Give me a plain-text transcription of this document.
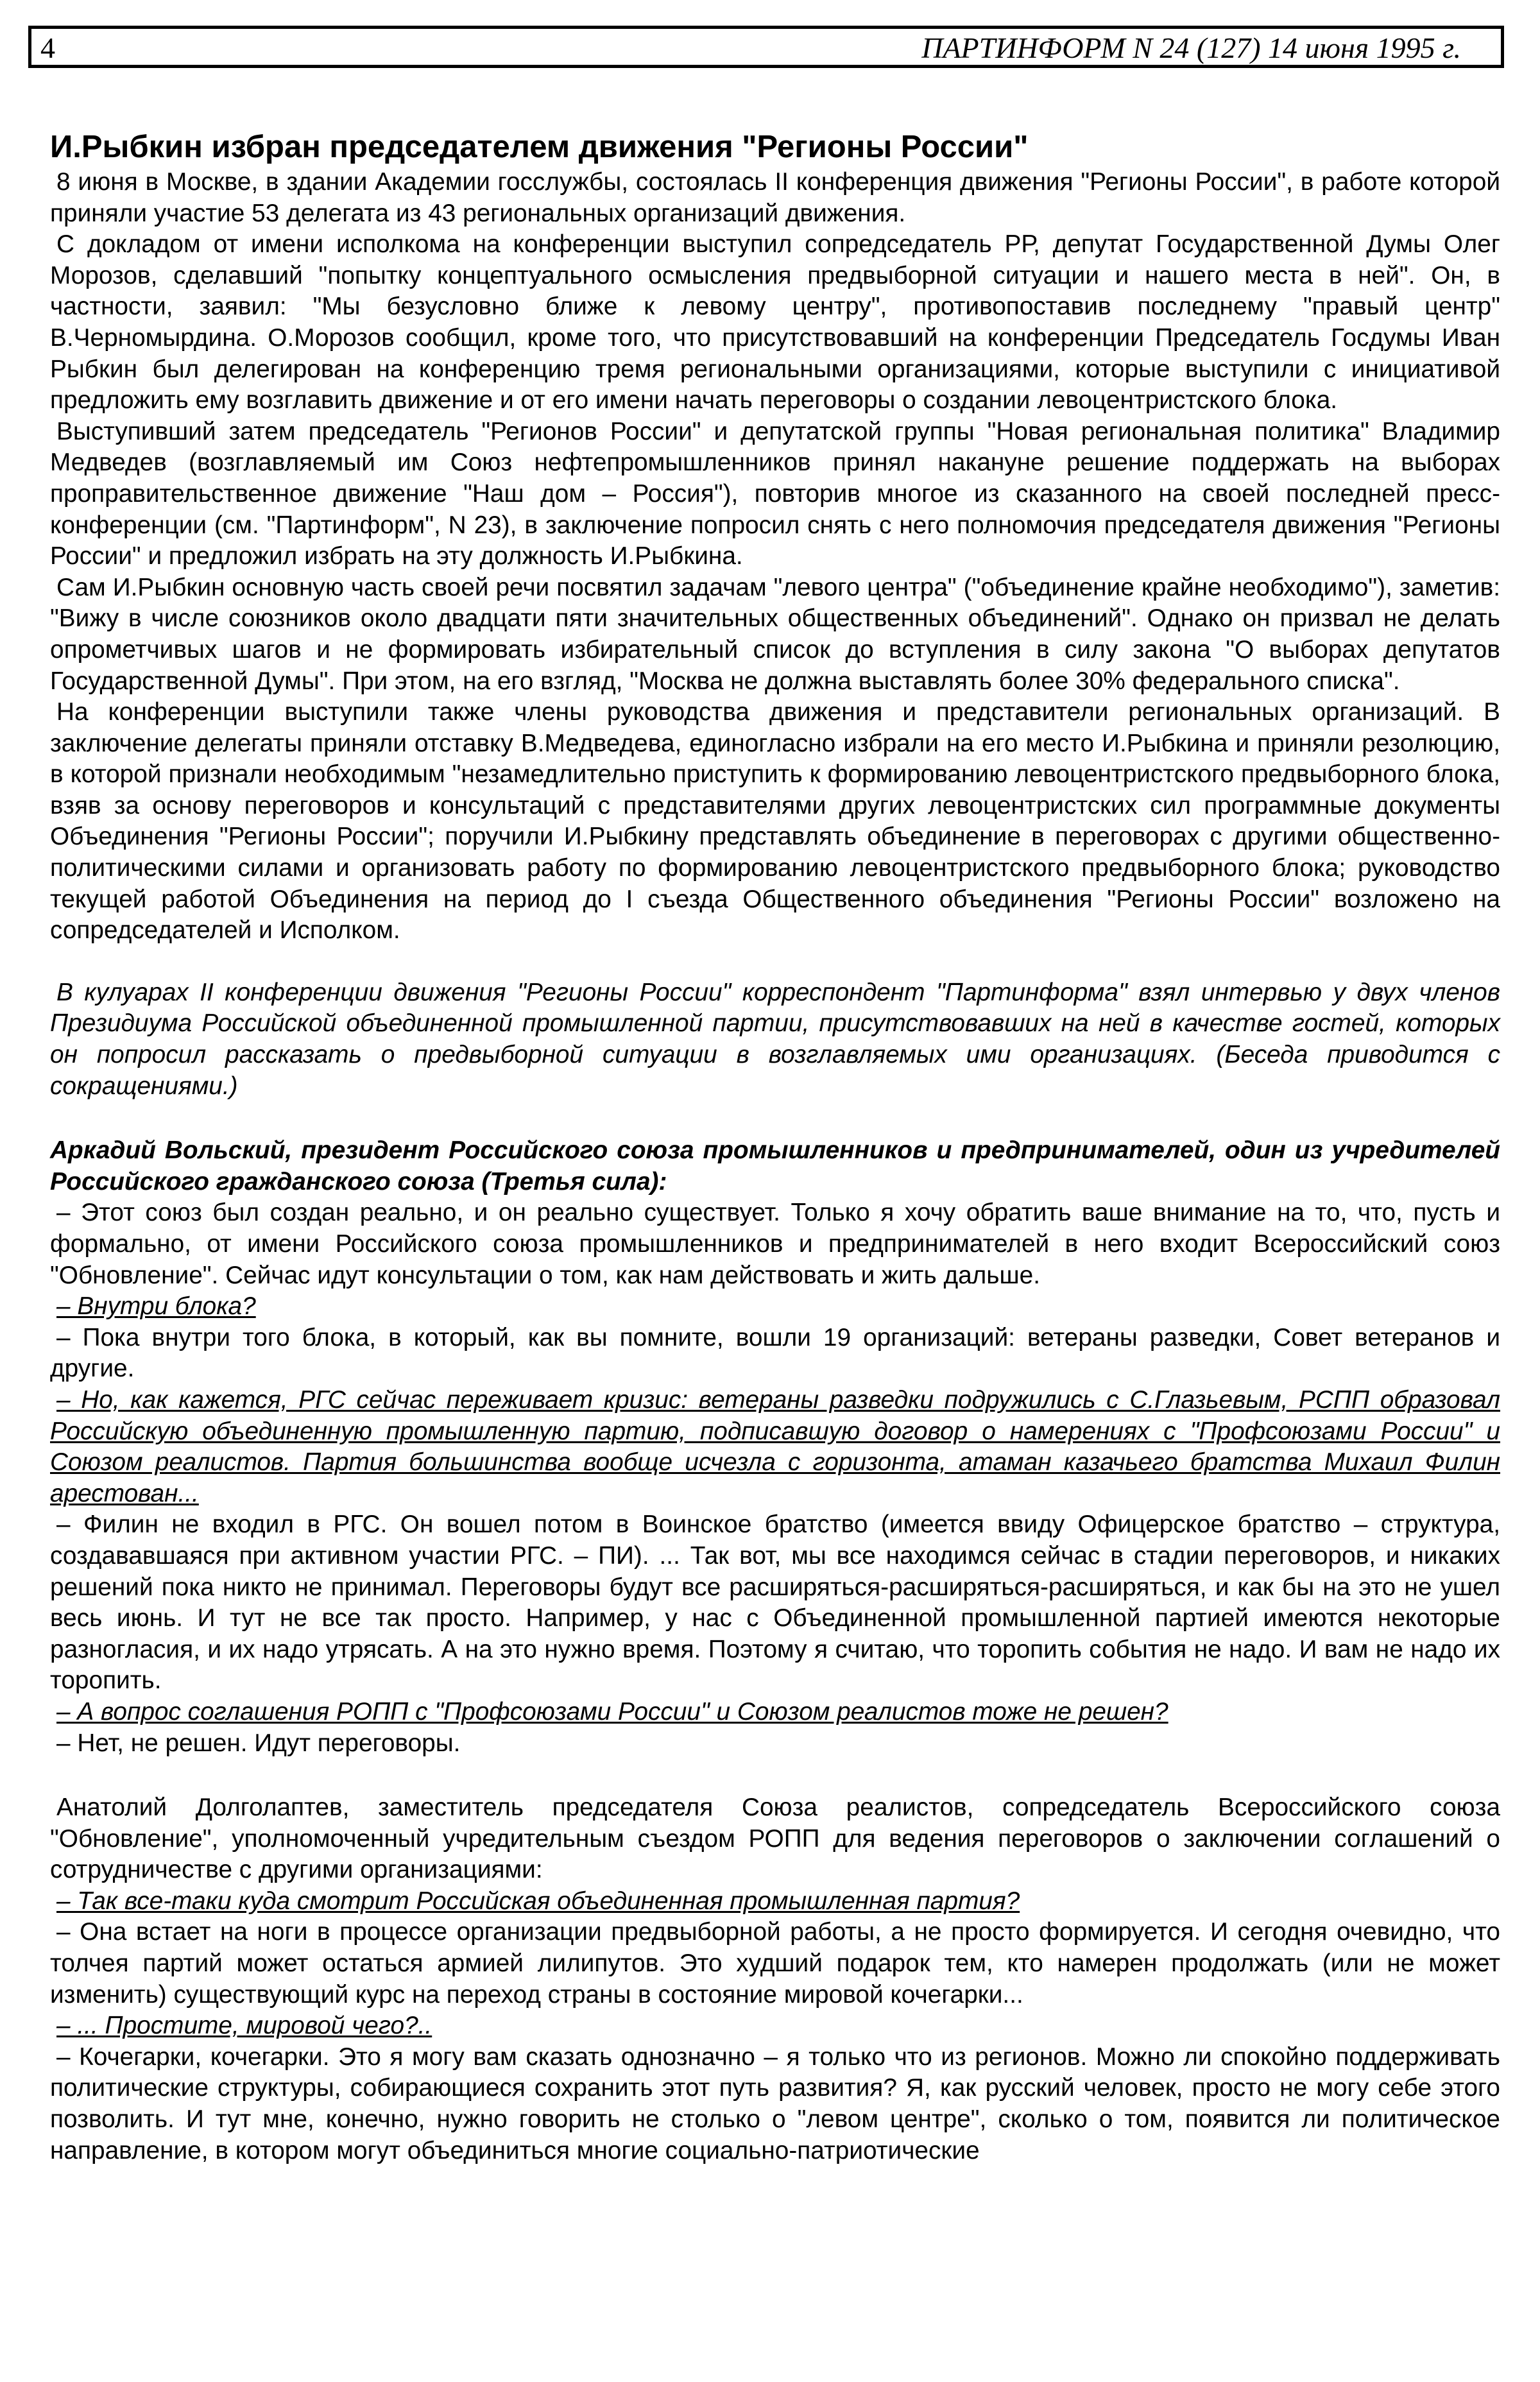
4	ПАРТИНФОРМ N 24 (127) 14 июня 1995 г.
И.Рыбкин избран председателем движения "Регионы России"

8 июня в Москве, в здании Академии госслужбы, состоялась II конференция движения "Регионы России", в работе которой приняли участие 53 делегата из 43 региональных организаций движения.

С докладом от имени исполкома на конференции выступил сопредседатель РР, депутат Государственной Думы Олег Морозов, сделавший "попытку концептуального осмысления предвыборной ситуации и нашего места в ней". Он, в частности, заявил: "Мы безусловно ближе к левому центру", противопоставив последнему "правый центр" В.Черномырдина. О.Морозов сообщил, кроме того, что присутствовавший на конференции Председатель Госдумы Иван Рыбкин был делегирован на конференцию тремя региональными организациями, которые выступили с инициативой предложить ему возглавить движение и от его имени начать переговоры о создании левоцентристского блока.

Выступивший затем председатель "Регионов России" и депутатской группы "Новая региональная политика" Владимир Медведев (возглавляемый им Союз нефтепромышленников принял накануне решение поддержать на выборах проправительственное движение "Наш дом – Россия"), повторив многое из сказанного на своей последней пресс-конференции (см. "Партинформ", N 23), в заключение попросил снять с него полномочия председателя движения "Регионы России" и предложил избрать на эту должность И.Рыбкина.

Сам И.Рыбкин основную часть своей речи посвятил задачам "левого центра" ("объединение крайне необходимо"), заметив: "Вижу в числе союзников около двадцати пяти значительных общественных объединений". Однако он призвал не делать опрометчивых шагов и не формировать избирательный список до вступления в силу закона "О выборах депутатов Государственной Думы". При этом, на его взгляд, "Москва не должна выставлять более 30% федерального списка".

На конференции выступили также члены руководства движения и представители региональных организаций. В заключение делегаты приняли отставку В.Медведева, единогласно избрали на его место И.Рыбкина и приняли резолюцию, в которой признали необходимым "незамедлительно приступить к формированию левоцентристского предвыборного блока, взяв за основу переговоров и консультаций с представителями других левоцентристских сил программные документы Объединения "Регионы России"; поручили И.Рыбкину представлять объединение в переговорах с другими общественно-политическими силами и организовать работу по формированию левоцентристского предвыборного блока; руководство текущей работой Объединения на период до I съезда Общественного объединения "Регионы России" возложено на сопредседателей и Исполком.

В кулуарах II конференции движения "Регионы России" корреспондент "Партинформа" взял интервью у двух членов Президиума Российской объединенной промышленной партии, присутствовавших на ней в качестве гостей, которых он попросил рассказать о предвыборной ситуации в возглавляемых ими организациях. (Беседа приводится с сокращениями.)

Аркадий Вольский, президент Российского союза промышленников и предпринимателей, один из учредителей Российского гражданского союза (Третья сила):

– Этот союз был создан реально, и он реально существует. Только я хочу обратить ваше внимание на то, что, пусть и формально, от имени Российского союза промышленников и предпринимателей в него входит Всероссийский союз "Обновление". Сейчас идут консультации о том, как нам действовать и жить дальше.

– Внутри блока?

– Пока внутри того блока, в который, как вы помните, вошли 19 организаций: ветераны разведки, Совет ветеранов и другие.

– Но, как кажется, РГС сейчас переживает кризис: ветераны разведки подружились с С.Глазьевым, РСПП образовал Российскую объединенную промышленную партию, подписавшую договор о намерениях с "Профсоюзами России" и Союзом реалистов. Партия большинства вообще исчезла с горизонта, атаман казачьего братства Михаил Филин арестован...

– Филин не входил в РГС. Он вошел потом в Воинское братство (имеется ввиду Офицерское братство – структура, создававшаяся при активном участии РГС. – ПИ). ... Так вот, мы все находимся сейчас в стадии переговоров, и никаких решений пока никто не принимал. Переговоры будут все расширяться-расширяться-расширяться, и как бы на это не ушел весь июнь. И тут не все так просто. Например, у нас с Объединенной промышленной партией имеются некоторые разногласия, и их надо утрясать. А на это нужно время. Поэтому я считаю, что торопить события не надо. И вам не надо их торопить.

– А вопрос соглашения РОПП с "Профсоюзами России" и Союзом реалистов тоже не решен?

– Нет, не решен. Идут переговоры.

Анатолий Долголаптев, заместитель председателя Союза реалистов, сопредседатель Всероссийского союза "Обновление", уполномоченный учредительным съездом РОПП для ведения переговоров о заключении соглашений о сотрудничестве с другими организациями:

– Так все-таки куда смотрит Российская объединенная промышленная партия?

– Она встает на ноги в процессе организации предвыборной работы, а не просто формируется. И сегодня очевидно, что толчея партий может остаться армией лилипутов. Это худший подарок тем, кто намерен продолжать (или не может изменить) существующий курс на переход страны в состояние мировой кочегарки...

– ... Простите, мировой чего?..

– Кочегарки, кочегарки. Это я могу вам сказать однозначно – я только что из регионов. Можно ли спокойно поддерживать политические структуры, собирающиеся сохранить этот путь развития? Я, как русский человек, просто не могу себе этого позволить. И тут мне, конечно, нужно говорить не столько о "левом центре", сколько о том, появится ли политическое направление, в котором могут объединиться многие социально-патриотические
